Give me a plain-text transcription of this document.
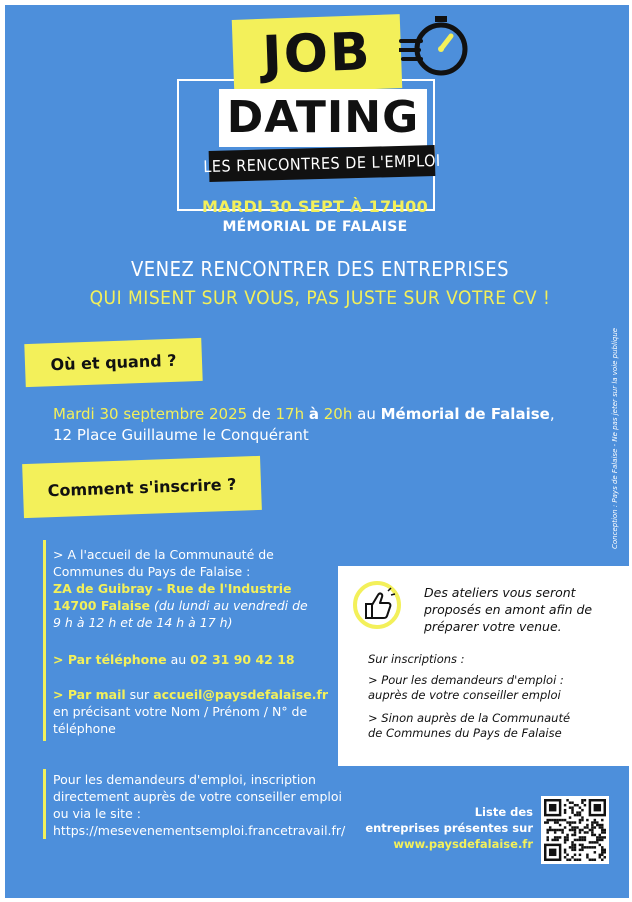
JOB
DATING
LES RENCONTRES DE L'EMPLOI
MARDI 30 SEPT À 17H00
MÉMORIAL DE FALAISE
VENEZ RENCONTRER DES ENTREPRISES
QUI MISENT SUR VOUS, PAS JUSTE SUR VOTRE CV !
Conception : Pays de Falaise - Ne pas jeter sur la voie publique
Où et quand ?
Mardi 30 septembre 2025 de 17h à 20h au Mémorial de Falaise,
12 Place Guillaume le Conquérant
Comment s'inscrire ?
> A l'accueil de la Communauté de
Communes du Pays de Falaise :
ZA de Guibray - Rue de l'Industrie
14700 Falaise (du lundi au vendredi de
9 h à 12 h et de 14 h à 17 h)
> Par téléphone au 02 31 90 42 18
> Par mail sur accueil@paysdefalaise.fr
en précisant votre Nom / Prénom / N° de
téléphone
Des ateliers vous seront
proposés en amont afin de
préparer votre venue.
Sur inscriptions :
> Pour les demandeurs d'emploi :
auprès de votre conseiller emploi
> Sinon auprès de la Communauté
de Communes du Pays de Falaise
Pour les demandeurs d'emploi, inscription
directement auprès de votre conseiller emploi
ou via le site :
https://mesevenementsemploi.francetravail.fr/
Liste des
entreprises présentes sur
www.paysdefalaise.fr
